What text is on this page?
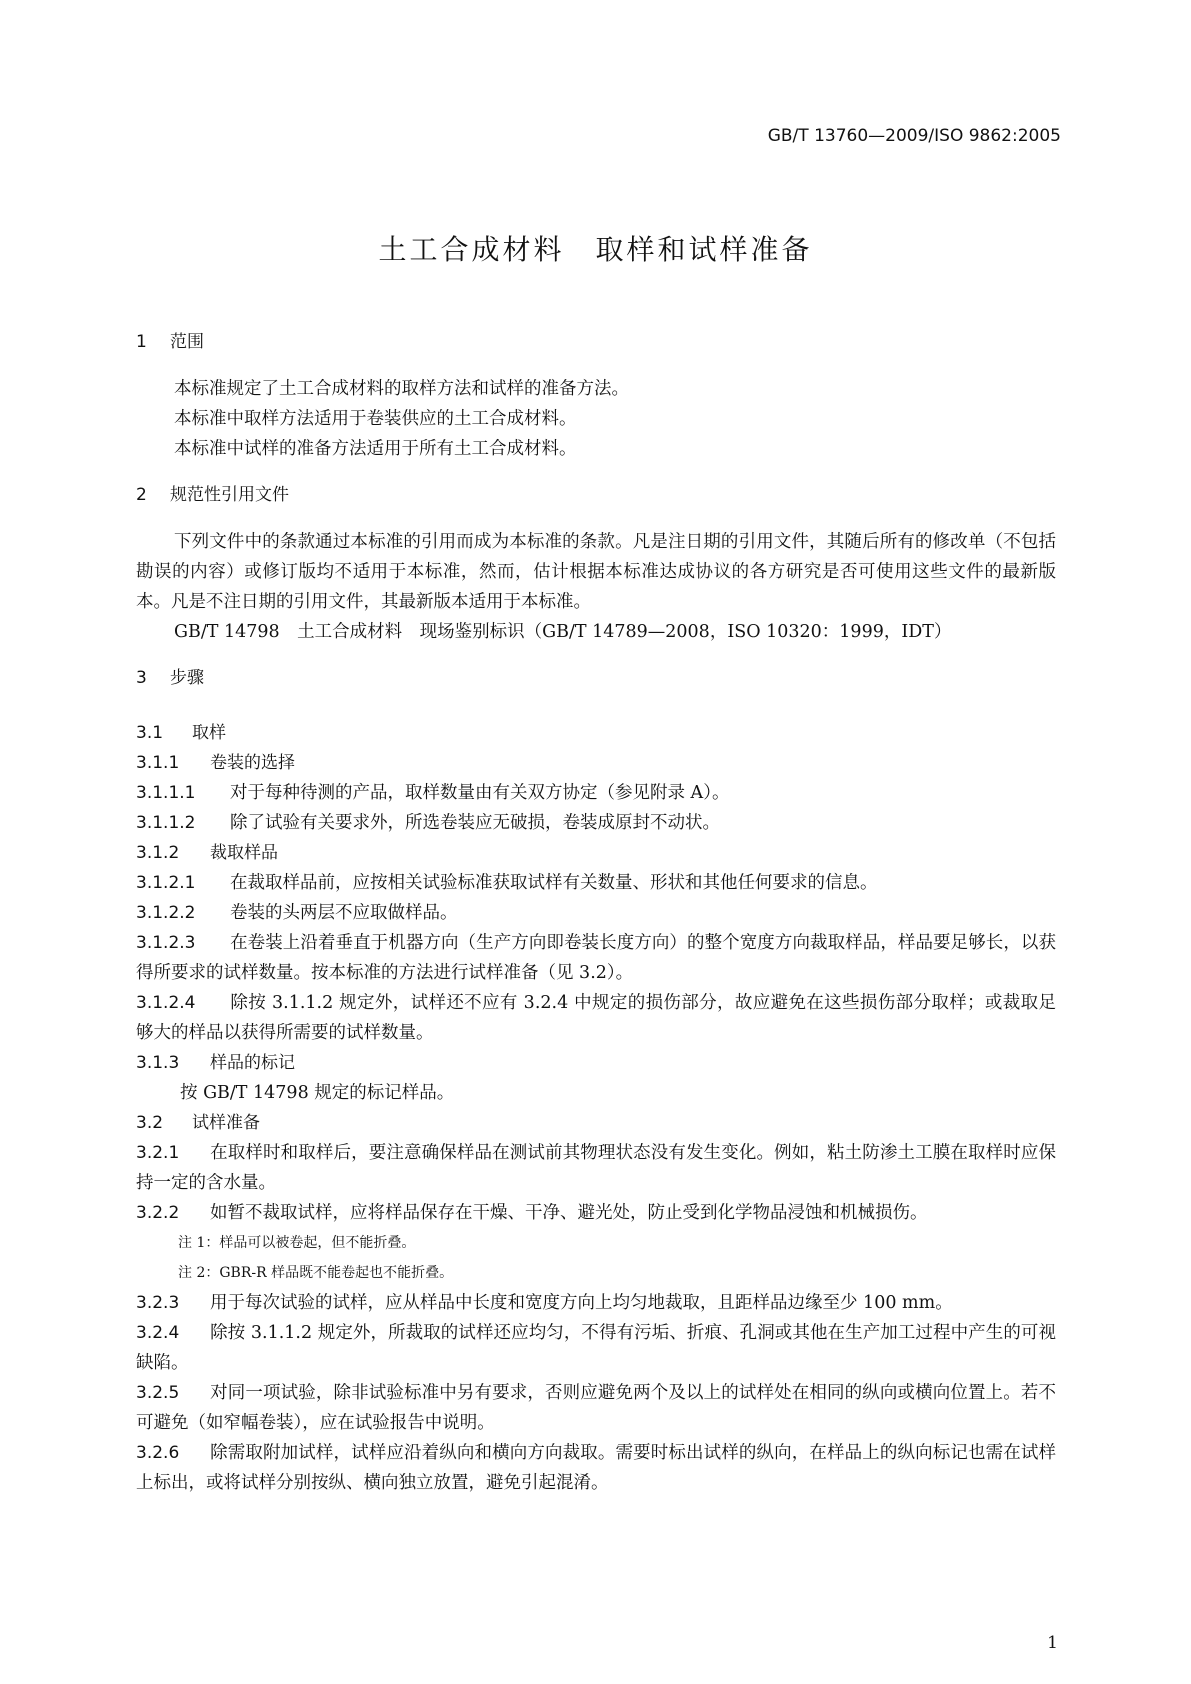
GB/T 13760—2009/ISO 9862:2005
土工合成材料　取样和试样准备
1 范围

本标准规定了土工合成材料的取样方法和试样的准备方法。

本标准中取样方法适用于卷装供应的土工合成材料。

本标准中试样的准备方法适用于所有土工合成材料。

2 规范性引用文件

下列文件中的条款通过本标准的引用而成为本标准的条款。凡是注日期的引用文件，其随后所有的修改单（不包括勘误的内容）或修订版均不适用于本标准，然而，估计根据本标准达成协议的各方研究是否可使用这些文件的最新版本。凡是不注日期的引用文件，其最新版本适用于本标准。

GB/T 14798　土工合成材料　现场鉴别标识（GB/T 14789—2008，ISO 10320：1999，IDT）

3 步骤
3.1 取样
3.1.1 卷装的选择

3.1.1.1 对于每种待测的产品，取样数量由有关双方协定（参见附录 A）。

3.1.1.2 除了试验有关要求外，所选卷装应无破损，卷装成原封不动状。

3.1.2 裁取样品

3.1.2.1 在裁取样品前，应按相关试验标准获取试样有关数量、形状和其他任何要求的信息。

3.1.2.2 卷装的头两层不应取做样品。

3.1.2.3 在卷装上沿着垂直于机器方向（生产方向即卷装长度方向）的整个宽度方向裁取样品，样品要足够长，以获得所要求的试样数量。按本标准的方法进行试样准备（见 3.2）。

3.1.2.4 除按 3.1.1.2 规定外，试样还不应有 3.2.4 中规定的损伤部分，故应避免在这些损伤部分取样；或裁取足够大的样品以获得所需要的试样数量。

3.1.3 样品的标记

按 GB/T 14798 规定的标记样品。

3.2 试样准备

3.2.1 在取样时和取样后，要注意确保样品在测试前其物理状态没有发生变化。例如，粘土防渗土工膜在取样时应保持一定的含水量。

3.2.2 如暂不裁取试样，应将样品保存在干燥、干净、避光处，防止受到化学物品浸蚀和机械损伤。

注 1：样品可以被卷起，但不能折叠。

注 2：GBR-R 样品既不能卷起也不能折叠。

3.2.3 用于每次试验的试样，应从样品中长度和宽度方向上均匀地裁取，且距样品边缘至少 100 mm。

3.2.4 除按 3.1.1.2 规定外，所裁取的试样还应均匀，不得有污垢、折痕、孔洞或其他在生产加工过程中产生的可视缺陷。

3.2.5 对同一项试验，除非试验标准中另有要求，否则应避免两个及以上的试样处在相同的纵向或横向位置上。若不可避免（如窄幅卷装），应在试验报告中说明。

3.2.6 除需取附加试样，试样应沿着纵向和横向方向裁取。需要时标出试样的纵向，在样品上的纵向标记也需在试样上标出，或将试样分别按纵、横向独立放置，避免引起混淆。

1
